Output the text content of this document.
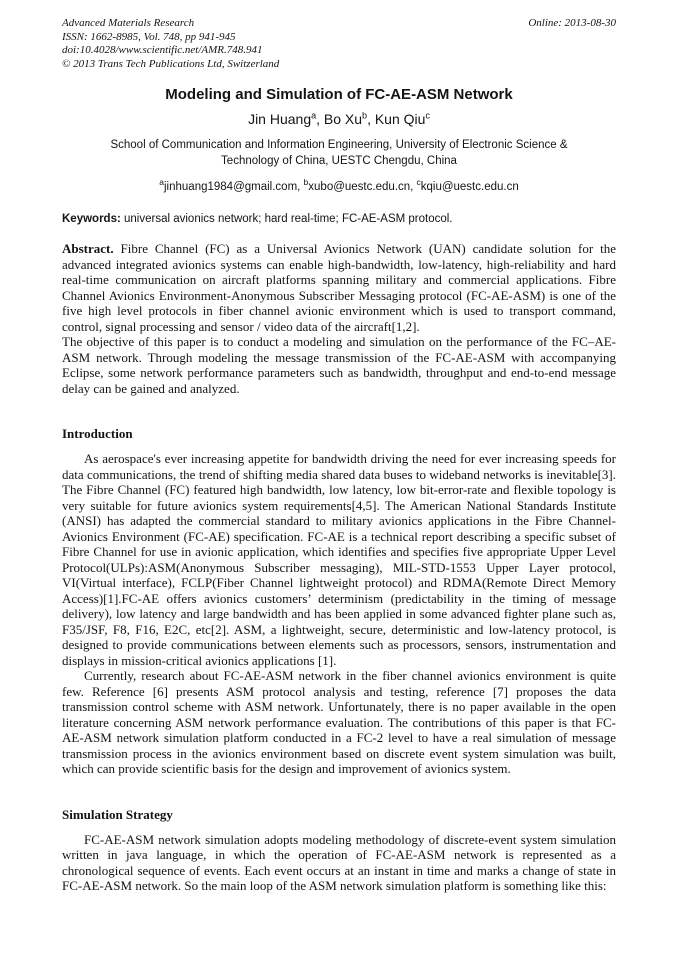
Advanced Materials Research
ISSN: 1662-8985, Vol. 748, pp 941-945
doi:10.4028/www.scientific.net/AMR.748.941
© 2013 Trans Tech Publications Ltd, Switzerland
Online: 2013-08-30
Modeling and Simulation of FC-AE-ASM Network
Jin Huang$^a$, Bo Xu$^b$, Kun Qiu$^c$
School of Communication and Information Engineering, University of Electronic Science &
Technology of China, UESTC Chengdu, China
$^a$jinhuang1984@gmail.com, $^b$xubo@uestc.edu.cn, $^c$kqiu@uestc.edu.cn

Keywords: universal avionics network; hard real-time; FC-AE-ASM protocol.

Abstract. Fibre Channel (FC) as a Universal Avionics Network (UAN) candidate solution for the advanced integrated avionics systems can enable high-bandwidth, low-latency, high-reliability and hard real-time communication on aircraft platforms spanning military and commercial applications. Fibre Channel Avionics Environment-Anonymous Subscriber Messaging protocol (FC-AE-ASM) is one of the five high level protocols in fiber channel avionic environment which is used to transport command, control, signal processing and sensor / video data of the aircraft[1,2].

The objective of this paper is to conduct a modeling and simulation on the performance of the FC–AE-ASM network. Through modeling the message transmission of the FC-AE-ASM with accompanying Eclipse, some network performance parameters such as bandwidth, throughput and end-to-end message delay can be gained and analyzed.

Introduction

As aerospace's ever increasing appetite for bandwidth driving the need for ever increasing speeds for data communications, the trend of shifting media shared data buses to wideband networks is inevitable[3]. The Fibre Channel (FC) featured high bandwidth, low latency, low bit-error-rate and flexible topology is very suitable for future avionics system requirements[4,5]. The American National Standards Institute (ANSI) has adapted the commercial standard to military avionics applications in the Fibre Channel-Avionics Environment (FC-AE) specification. FC-AE is a technical report describing a specific subset of Fibre Channel for use in avionic application, which identifies and specifies five appropriate Upper Level Protocol(ULPs):ASM(Anonymous Subscriber messaging), MIL-STD-1553 Upper Layer protocol, VI(Virtual interface), FCLP(Fiber Channel lightweight protocol) and RDMA(Remote Direct Memory Access)[1].FC-AE offers avionics customers’ determinism (predictability in the timing of message delivery), low latency and large bandwidth and has been applied in some advanced fighter plane such as, F35/JSF, F8, F16, E2C, etc[2]. ASM, a lightweight, secure, deterministic and low-latency protocol, is designed to provide communications between elements such as processors, sensors, instrumentation and displays in mission-critical avionics applications [1].

Currently, research about FC-AE-ASM network in the fiber channel avionics environment is quite few. Reference [6] presents ASM protocol analysis and testing, reference [7] proposes the data transmission control scheme with ASM network. Unfortunately, there is no paper available in the open literature concerning ASM network performance evaluation. The contributions of this paper is that FC-AE-ASM network simulation platform conducted in a FC-2 level to have a real simulation of message transmission process in the avionics environment based on discrete event system simulation was built, which can provide scientific basis for the design and improvement of avionics system.

Simulation Strategy

FC-AE-ASM network simulation adopts modeling methodology of discrete-event system simulation written in java language, in which the operation of FC-AE-ASM network is represented as a chronological sequence of events. Each event occurs at an instant in time and marks a change of state in FC-AE-ASM network. So the main loop of the ASM network simulation platform is something like this:
